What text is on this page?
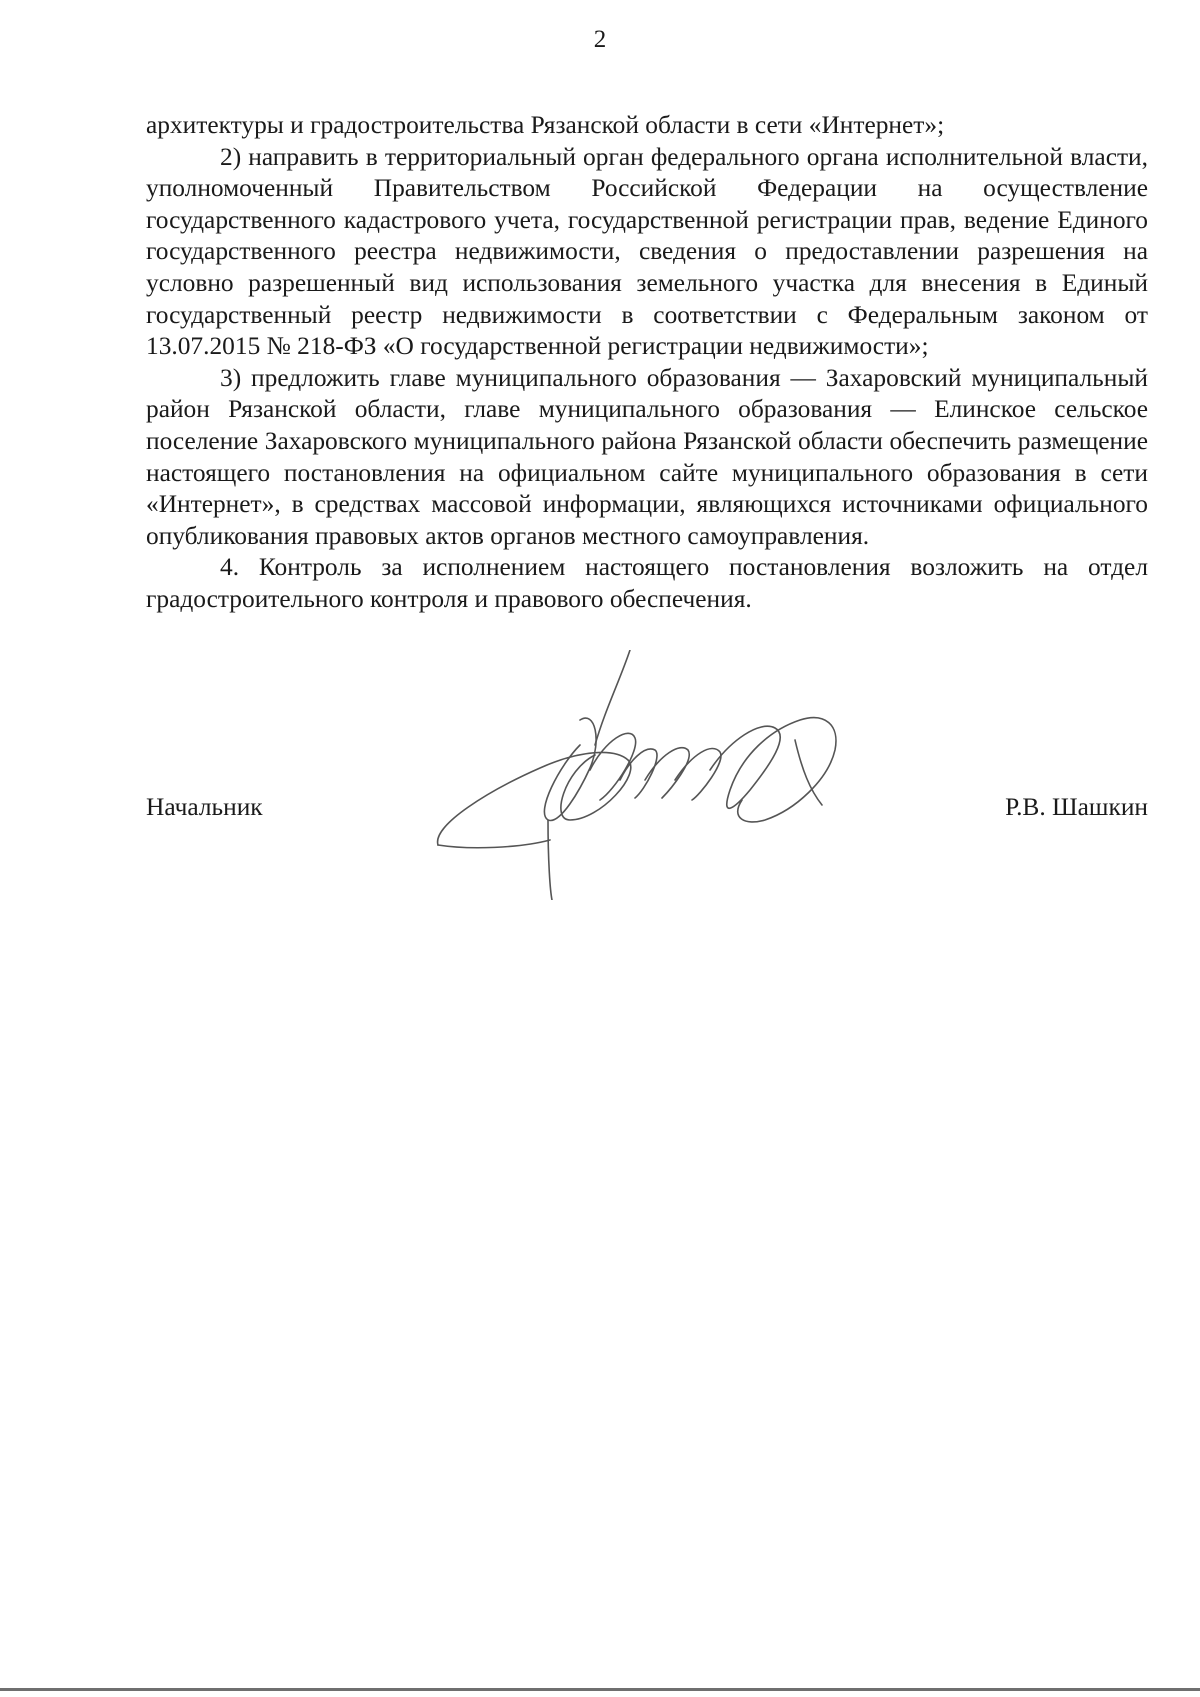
2

архитектуры и градостроительства Рязанской области в сети «Интернет»;

2) направить в территориальный орган федерального органа исполнительной власти, уполномоченный Правительством Российской Федерации на осуществление государственного кадастрового учета, государственной регистрации прав, ведение Единого государственного реестра недвижимости, сведения о предоставлении разрешения на условно разрешенный вид использования земельного участка для внесения в Единый государственный реестр недвижимости в соответствии с Федеральным законом от 13.07.2015 № 218-ФЗ «О государственной регистрации недвижимости»;

3) предложить главе муниципального образования — Захаровский муниципальный район Рязанской области, главе муниципального образования — Елинское сельское поселение Захаровского муниципального района Рязанской области обеспечить размещение настоящего постановления на официальном сайте муниципального образования в сети «Интернет», в средствах массовой информации, являющихся источниками официального опубликования правовых актов органов местного самоуправления.

4. Контроль за исполнением настоящего постановления возложить на отдел градостроительного контроля и правового обеспечения.

Начальник	Р.В. Шашкин
